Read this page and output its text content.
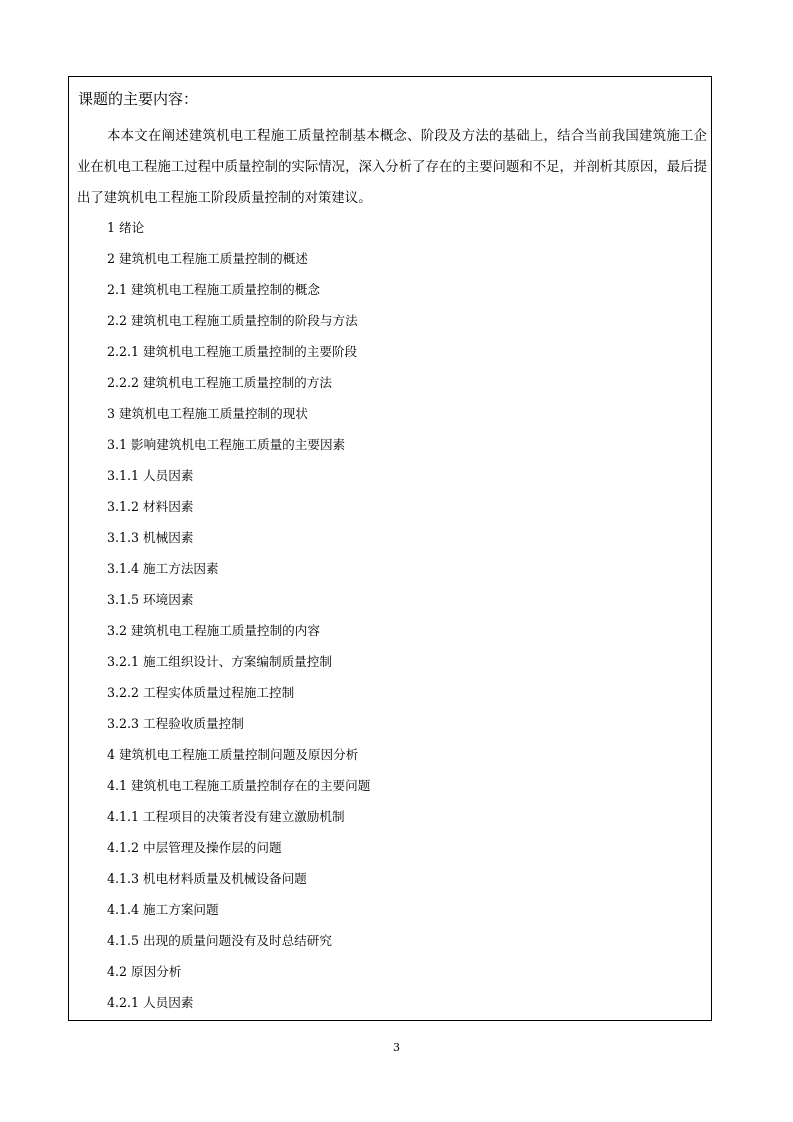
课题的主要内容：

本本文在阐述建筑机电工程施工质量控制基本概念、阶段及方法的基础上，结合当前我国建筑施工企业在机电工程施工过程中质量控制的实际情况，深入分析了存在的主要问题和不足，并剖析其原因，最后提出了建筑机电工程施工阶段质量控制的对策建议。

1 绪论
2 建筑机电工程施工质量控制的概述
2.1 建筑机电工程施工质量控制的概念
2.2 建筑机电工程施工质量控制的阶段与方法
2.2.1 建筑机电工程施工质量控制的主要阶段
2.2.2 建筑机电工程施工质量控制的方法
3 建筑机电工程施工质量控制的现状
3.1 影响建筑机电工程施工质量的主要因素
3.1.1 人员因素
3.1.2 材料因素
3.1.3 机械因素
3.1.4 施工方法因素
3.1.5 环境因素
3.2 建筑机电工程施工质量控制的内容
3.2.1 施工组织设计、方案编制质量控制
3.2.2 工程实体质量过程施工控制
3.2.3 工程验收质量控制
4 建筑机电工程施工质量控制问题及原因分析
4.1 建筑机电工程施工质量控制存在的主要问题
4.1.1 工程项目的决策者没有建立激励机制
4.1.2 中层管理及操作层的问题
4.1.3 机电材料质量及机械设备问题
4.1.4 施工方案问题
4.1.5 出现的质量问题没有及时总结研究
4.2 原因分析
4.2.1 人员因素
3
